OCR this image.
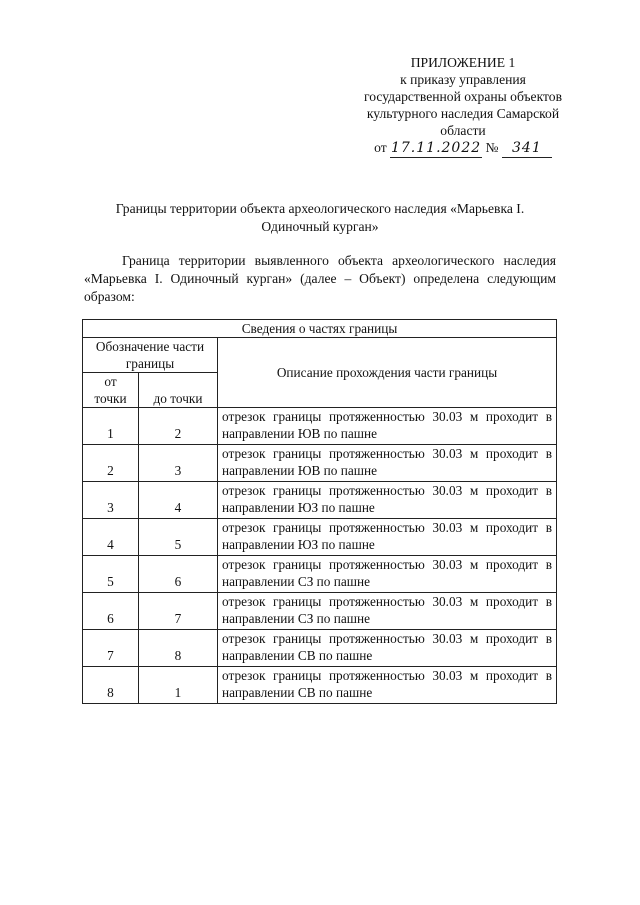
ПРИЛОЖЕНИЕ 1
к приказу управления
государственной охраны объектов
культурного наследия Самарской
области
от 17.11.2022 № 341
Границы территории объекта археологического наследия «Марьевка I.
Одиночный курган»

Граница территории выявленного объекта археологического наследия «Марьевка I. Одиночный курган» (далее – Объект) определена следующим образом:

Сведения о частях границы		
Обозначение части границы		Описание прохождения части границы
от точки	до точки	
1	2	отрезок границы протяженностью 30.03 м проходит в направлении ЮВ по пашне
2	3	отрезок границы протяженностью 30.03 м проходит в направлении ЮВ по пашне
3	4	отрезок границы протяженностью 30.03 м проходит в направлении ЮЗ по пашне
4	5	отрезок границы протяженностью 30.03 м проходит в направлении ЮЗ по пашне
5	6	отрезок границы протяженностью 30.03 м проходит в направлении СЗ по пашне
6	7	отрезок границы протяженностью 30.03 м проходит в направлении СЗ по пашне
7	8	отрезок границы протяженностью 30.03 м проходит в направлении СВ по пашне
8	1	отрезок границы протяженностью 30.03 м проходит в направлении СВ по пашне
